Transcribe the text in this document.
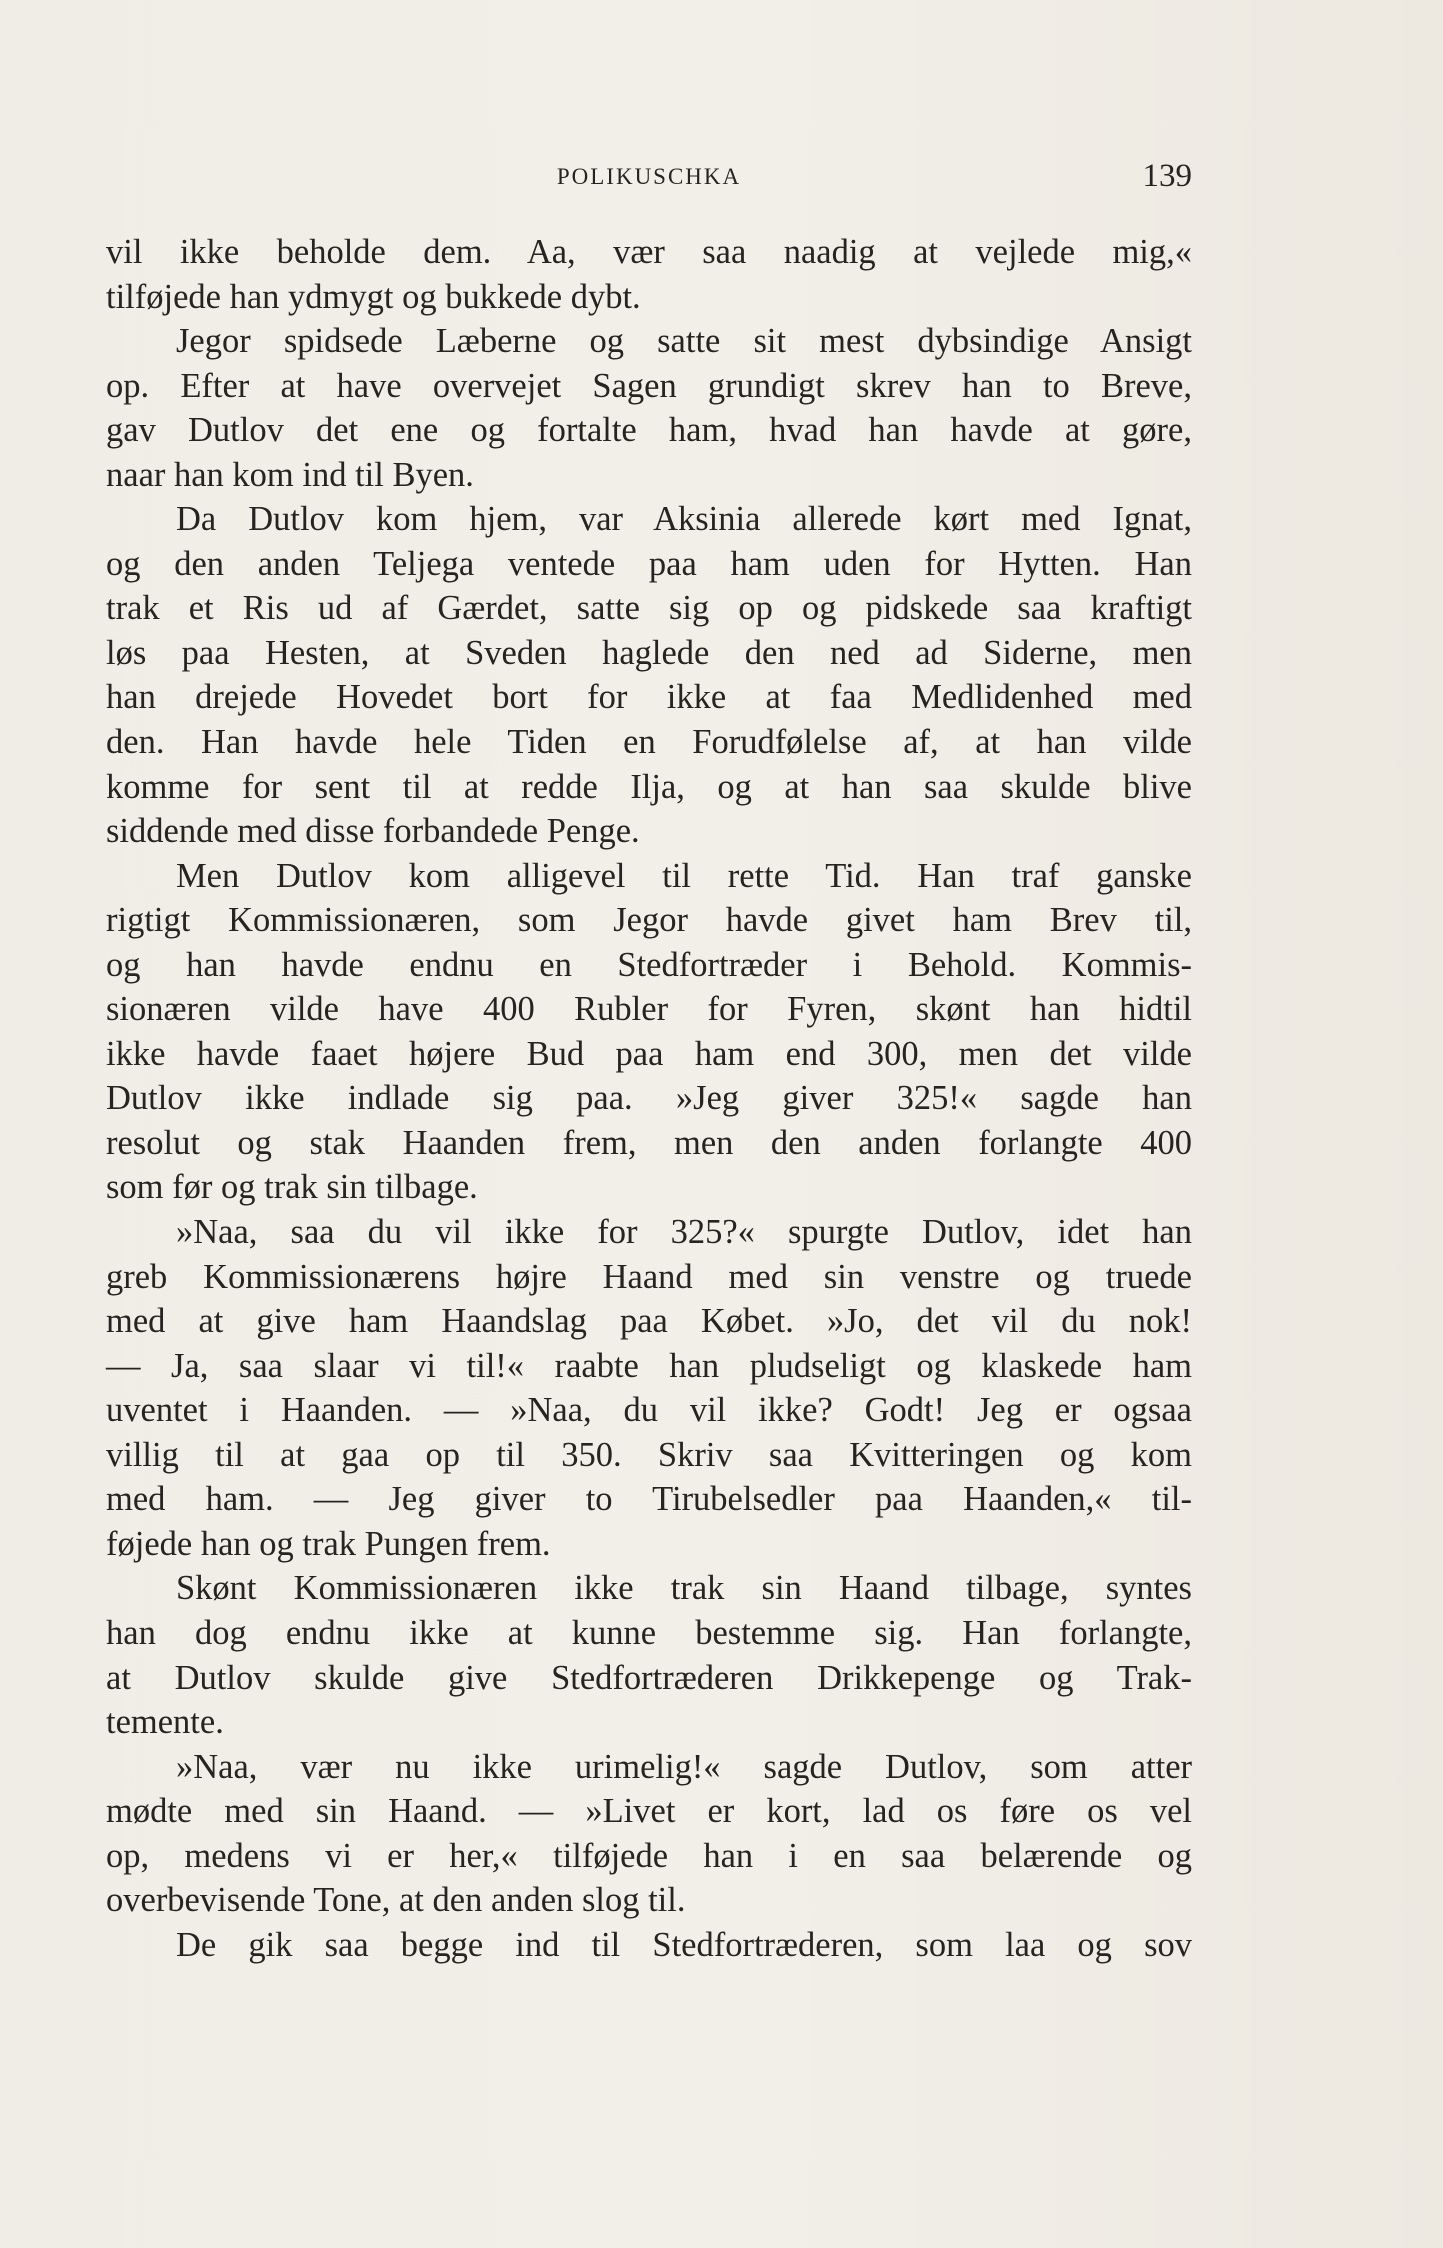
POLIKUSCHKA	139
vil ikke beholde dem. Aa, vær saa naadig at vejlede mig,«
tilføjede han ydmygt og bukkede dybt.
Jegor spidsede Læberne og satte sit mest dybsindige Ansigt
op. Efter at have overvejet Sagen grundigt skrev han to Breve,
gav Dutlov det ene og fortalte ham, hvad han havde at gøre,
naar han kom ind til Byen.
Da Dutlov kom hjem, var Aksinia allerede kørt med Ignat,
og den anden Teljega ventede paa ham uden for Hytten. Han
trak et Ris ud af Gærdet, satte sig op og pidskede saa kraftigt
løs paa Hesten, at Sveden haglede den ned ad Siderne, men
han drejede Hovedet bort for ikke at faa Medlidenhed med
den. Han havde hele Tiden en Forudfølelse af, at han vilde
komme for sent til at redde Ilja, og at han saa skulde blive
siddende med disse forbandede Penge.
Men Dutlov kom alligevel til rette Tid. Han traf ganske
rigtigt Kommissionæren, som Jegor havde givet ham Brev til,
og han havde endnu en Stedfortræder i Behold. Kommis-
sionæren vilde have 400 Rubler for Fyren, skønt han hidtil
ikke havde faaet højere Bud paa ham end 300, men det vilde
Dutlov ikke indlade sig paa. »Jeg giver 325!« sagde han
resolut og stak Haanden frem, men den anden forlangte 400
som før og trak sin tilbage.
»Naa, saa du vil ikke for 325?« spurgte Dutlov, idet han
greb Kommissionærens højre Haand med sin venstre og truede
med at give ham Haandslag paa Købet. »Jo, det vil du nok!
— Ja, saa slaar vi til!« raabte han pludseligt og klaskede ham
uventet i Haanden. — »Naa, du vil ikke? Godt! Jeg er ogsaa
villig til at gaa op til 350. Skriv saa Kvitteringen og kom
med ham. — Jeg giver to Tirubelsedler paa Haanden,« til-
føjede han og trak Pungen frem.
Skønt Kommissionæren ikke trak sin Haand tilbage, syntes
han dog endnu ikke at kunne bestemme sig. Han forlangte,
at Dutlov skulde give Stedfortræderen Drikkepenge og Trak-
temente.
»Naa, vær nu ikke urimelig!« sagde Dutlov, som atter
mødte med sin Haand. — »Livet er kort, lad os føre os vel
op, medens vi er her,« tilføjede han i en saa belærende og
overbevisende Tone, at den anden slog til.
De gik saa begge ind til Stedfortræderen, som laa og sov
